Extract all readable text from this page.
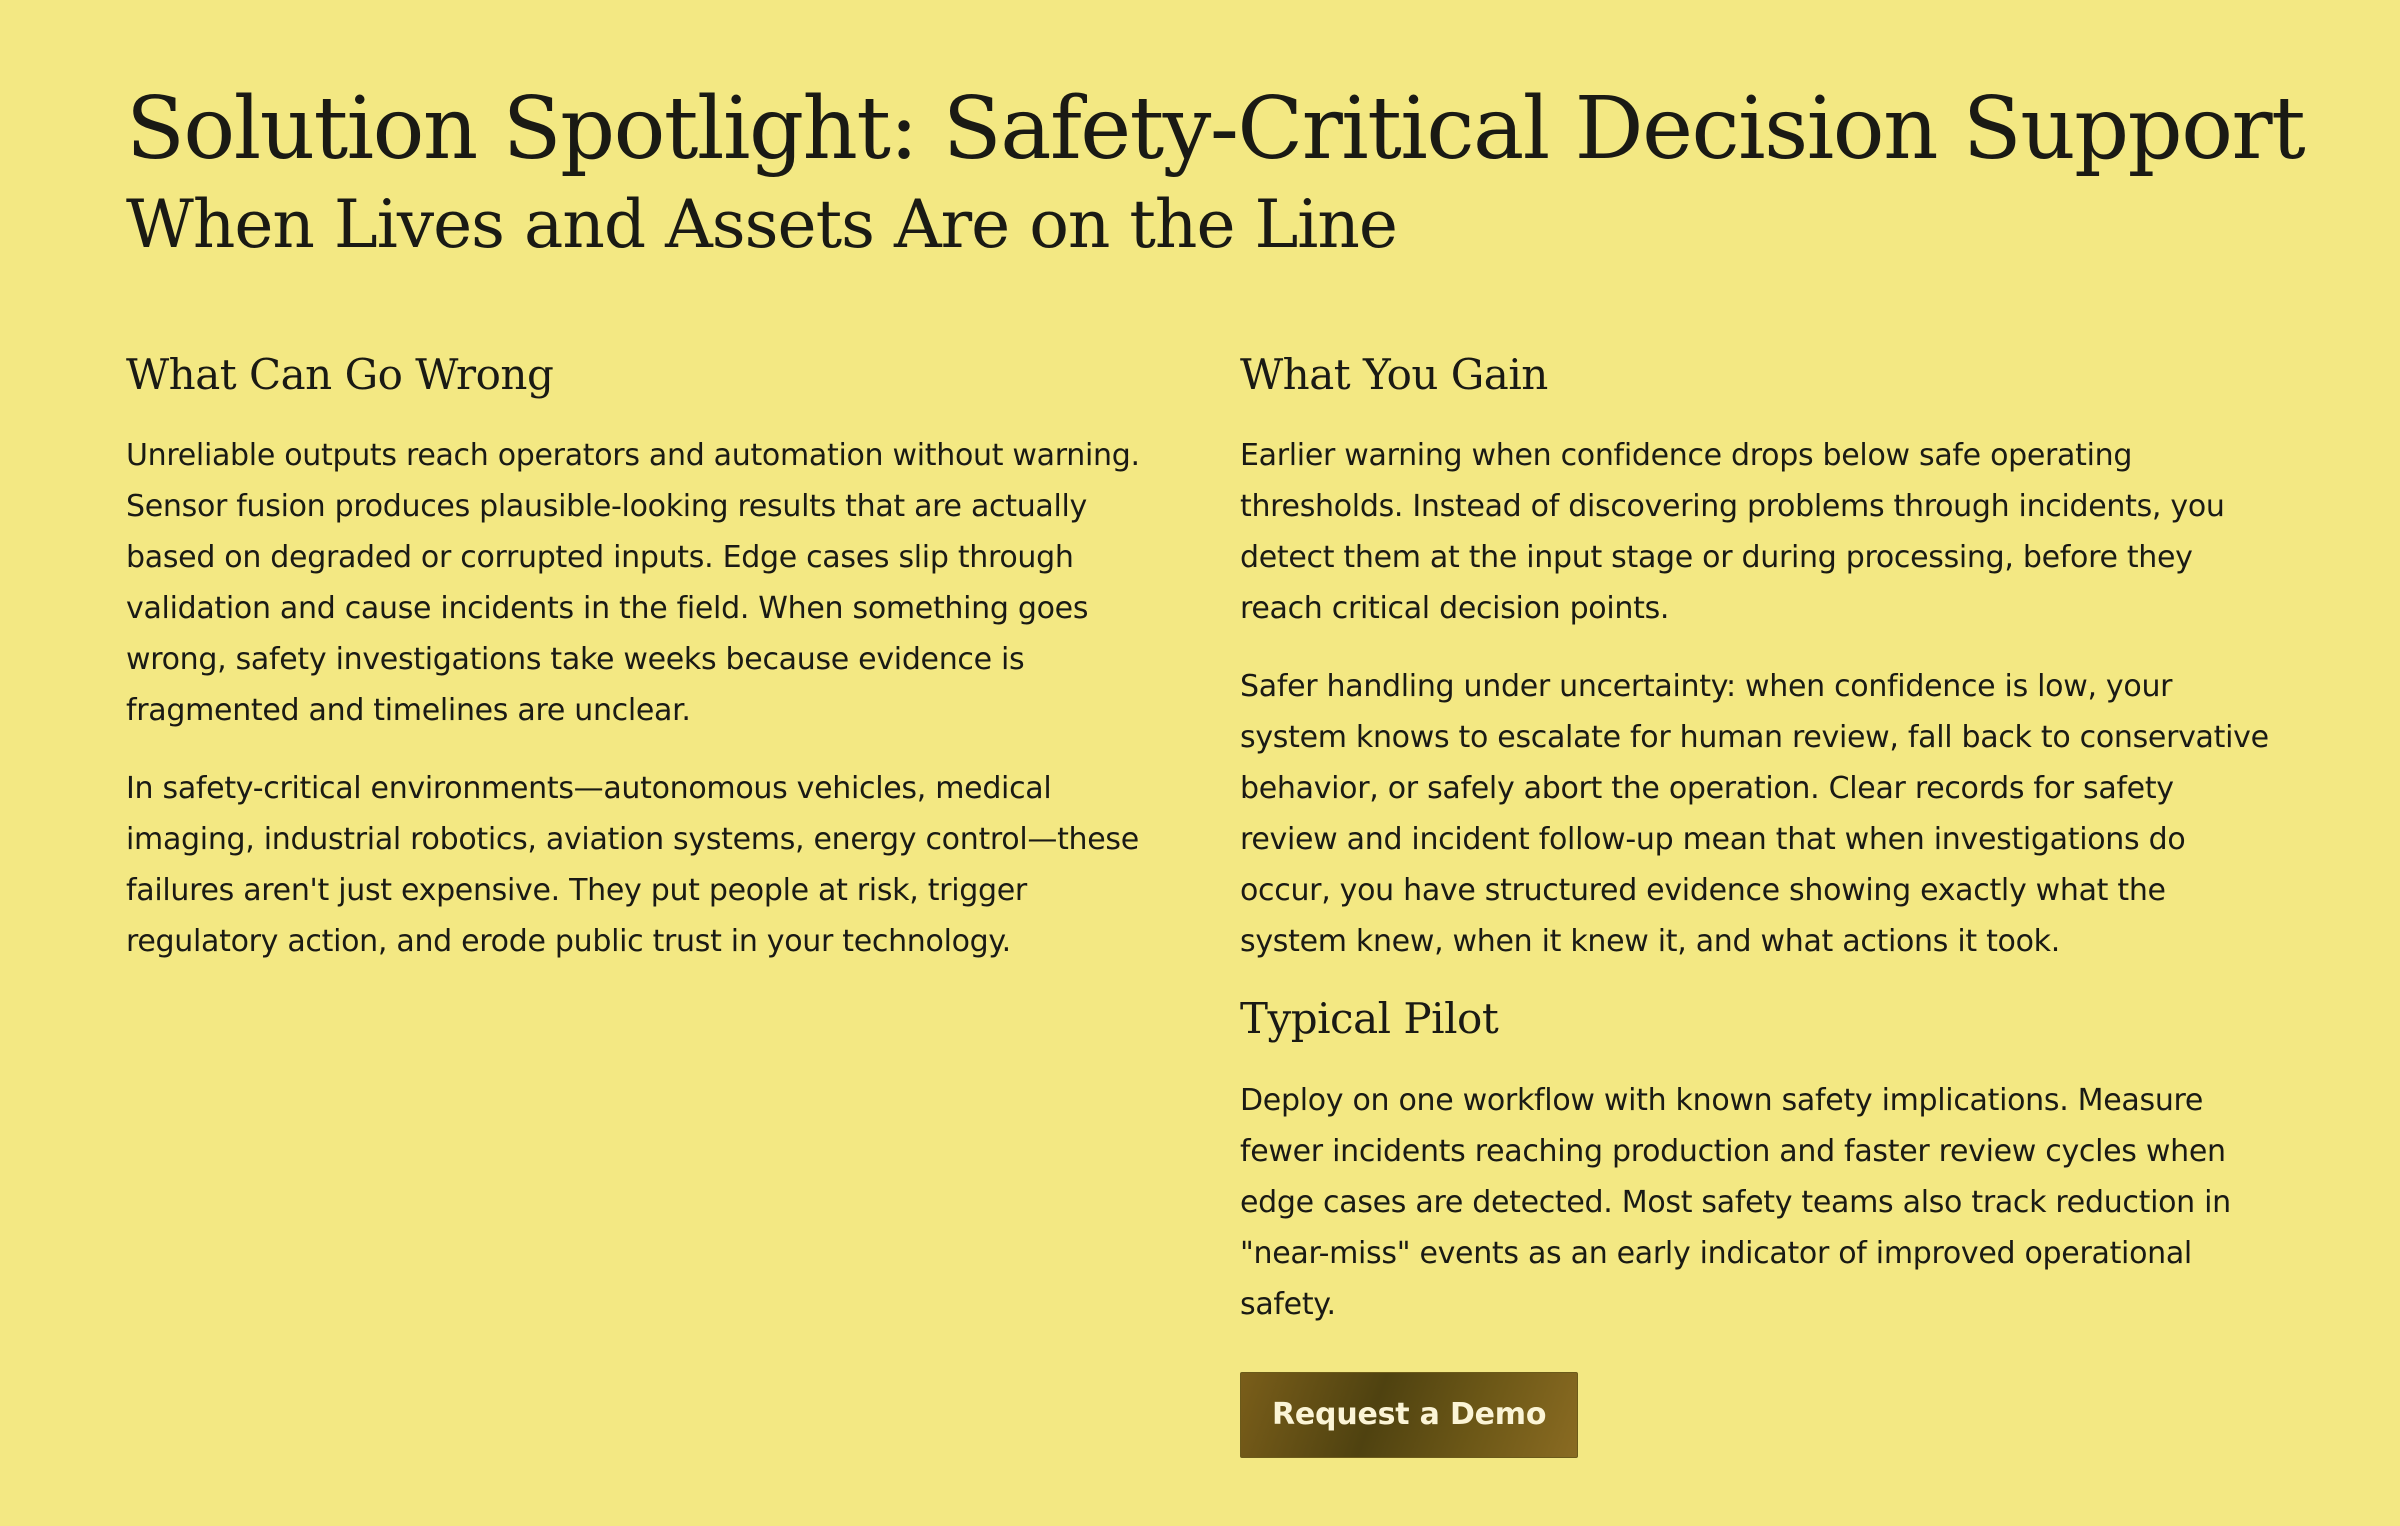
Solution Spotlight: Safety-Critical Decision Support
When Lives and Assets Are on the Line
What Can Go Wrong

Unreliable outputs reach operators and automation without warning. Sensor fusion produces plausible-looking results that are actually based on degraded or corrupted inputs. Edge cases slip through validation and cause incidents in the field. When something goes wrong, safety investigations take weeks because evidence is fragmented and timelines are unclear.

In safety-critical environments—autonomous vehicles, medical imaging, industrial robotics, aviation systems, energy control—these failures aren't just expensive. They put people at risk, trigger regulatory action, and erode public trust in your technology.

What You Gain

Earlier warning when confidence drops below safe operating thresholds. Instead of discovering problems through incidents, you detect them at the input stage or during processing, before they reach critical decision points.

Safer handling under uncertainty: when confidence is low, your system knows to escalate for human review, fall back to conservative behavior, or safely abort the operation. Clear records for safety review and incident follow-up mean that when investigations do occur, you have structured evidence showing exactly what the system knew, when it knew it, and what actions it took.

Typical Pilot

Deploy on one workflow with known safety implications. Measure fewer incidents reaching production and faster review cycles when edge cases are detected. Most safety teams also track reduction in "near-miss" events as an early indicator of improved operational safety.

Request a Demo
